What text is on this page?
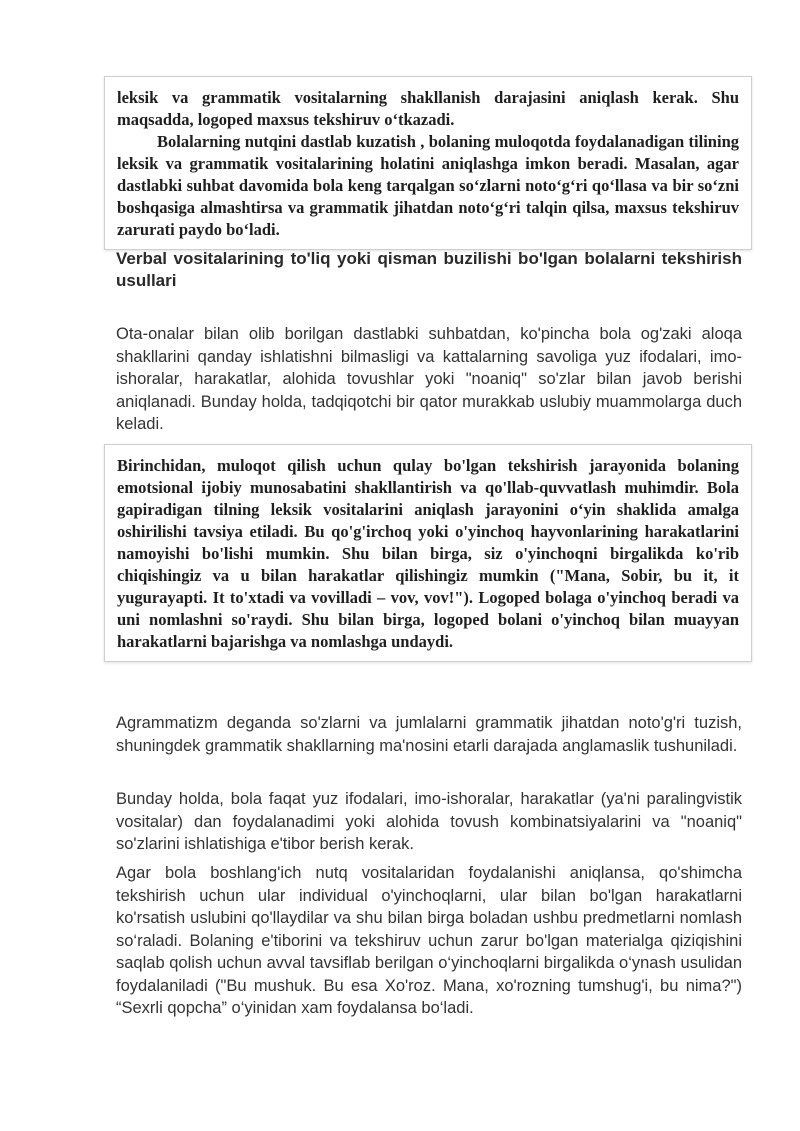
leksik va grammatik vositalarning shakllanish darajasini aniqlash kerak. Shu maqsadda, logoped maxsus tekshiruv o‘tkazadi.

Bolalarning nutqini dastlab kuzatish , bolaning muloqotda foydalanadigan tilining leksik va grammatik vositalarining holatini aniqlashga imkon beradi. Masalan, agar dastlabki suhbat davomida bola keng tarqalgan so‘zlarni noto‘g‘ri qo‘llasa va bir so‘zni boshqasiga almashtirsa va grammatik jihatdan noto‘g‘ri talqin qilsa, maxsus tekshiruv zarurati paydo bo‘ladi.

Verbal vositalarining to'liq yoki qisman buzilishi bo'lgan bolalarni tekshirish usullari

Ota-onalar bilan olib borilgan dastlabki suhbatdan, ko'pincha bola og'zaki aloqa shakllarini qanday ishlatishni bilmasligi va kattalarning savoliga yuz ifodalari, imo-ishoralar, harakatlar, alohida tovushlar yoki "noaniq" so'zlar bilan javob berishi aniqlanadi. Bunday holda, tadqiqotchi bir qator murakkab uslubiy muammolarga duch keladi.

Birinchidan, muloqot qilish uchun qulay bo'lgan tekshirish jarayonida bolaning emotsional ijobiy munosabatini shakllantirish va qo'llab-quvvatlash muhimdir. Bola gapiradigan tilning leksik vositalarini aniqlash jarayonini o‘yin shaklida amalga oshirilishi tavsiya etiladi. Bu qo'g'irchoq yoki o'yinchoq hayvonlarining harakatlarini namoyishi bo'lishi mumkin. Shu bilan birga, siz o'yinchoqni birgalikda ko'rib chiqishingiz va u bilan harakatlar qilishingiz mumkin ("Mana, Sobir, bu it, it yugurayapti. It to'xtadi va vovilladi – vov, vov!"). Logoped bolaga o'yinchoq beradi va uni nomlashni so'raydi. Shu bilan birga, logoped bolani o'yinchoq bilan muayyan harakatlarni bajarishga va nomlashga undaydi.

Agrammatizm deganda so'zlarni va jumlalarni grammatik jihatdan noto'g'ri tuzish, shuningdek grammatik shakllarning ma'nosini etarli darajada anglamaslik tushuniladi.

Bunday holda, bola faqat yuz ifodalari, imo-ishoralar, harakatlar (ya'ni paralingvistik vositalar) dan foydalanadimi yoki alohida tovush kombinatsiyalarini va "noaniq" so'zlarini ishlatishiga e'tibor berish kerak.

Agar bola boshlang'ich nutq vositalaridan foydalanishi aniqlansa, qo'shimcha tekshirish uchun ular individual o'yinchoqlarni, ular bilan bo'lgan harakatlarni ko'rsatish uslubini qo'llaydilar va shu bilan birga boladan ushbu predmetlarni nomlash so‘raladi. Bolaning e'tiborini va tekshiruv uchun zarur bo'lgan materialga qiziqishini saqlab qolish uchun avval tavsiflab berilgan o‘yinchoqlarni birgalikda o‘ynash usulidan foydalaniladi ("Bu mushuk. Bu esa Xo'roz. Mana, xo'rozning tumshug'i, bu nima?") “Sexrli qopcha” o‘yinidan xam foydalansa bo‘ladi.
